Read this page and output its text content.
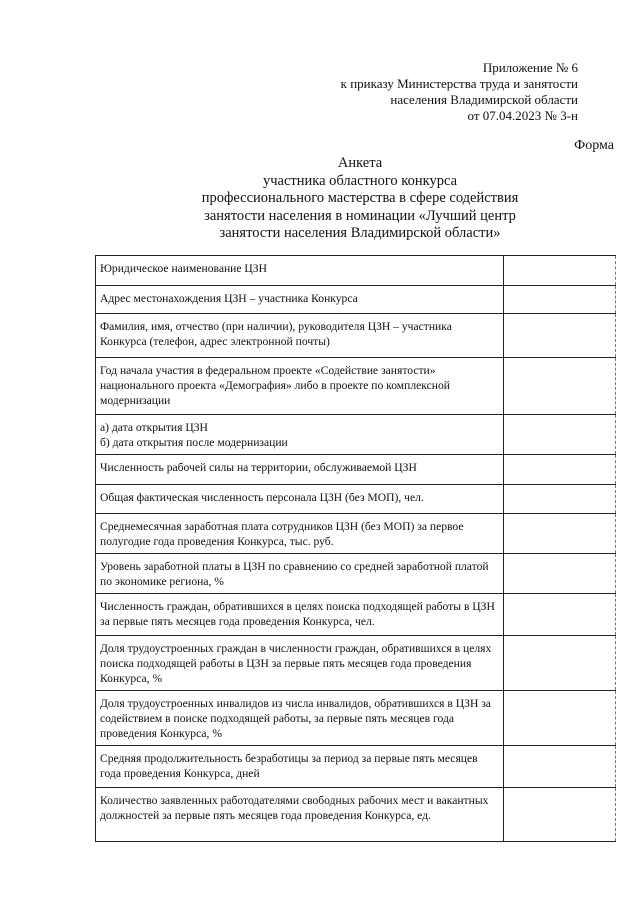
Приложение № 6
к приказу Министерства труда и занятости
населения Владимирской области
от 07.04.2023 № 3-н
Форма
Анкета
участника областного конкурса
профессионального мастерства в сфере содействия
занятости населения в номинации «Лучший центр
занятости населения Владимирской области»
Юридическое наименование ЦЗН	
Адрес местонахождения ЦЗН – участника Конкурса	
Фамилия, имя, отчество (при наличии), руководителя ЦЗН – участника Конкурса (телефон, адрес электронной почты)	
Год начала участия в федеральном проекте «Содействие занятости» национального проекта «Демография» либо в проекте по комплексной модернизации	
а) дата открытия ЦЗН
б) дата открытия после модернизации	
Численность рабочей силы на территории, обслуживаемой ЦЗН	
Общая фактическая численность персонала ЦЗН (без МОП), чел.	
Среднемесячная заработная плата сотрудников ЦЗН (без МОП) за первое полугодие года проведения Конкурса, тыс. руб.	
Уровень заработной платы в ЦЗН по сравнению со средней заработной платой по экономике региона, %	
Численность граждан, обратившихся в целях поиска подходящей работы в ЦЗН за первые пять месяцев года проведения Конкурса, чел.	
Доля трудоустроенных граждан в численности граждан, обратившихся в целях поиска подходящей работы в ЦЗН за первые пять месяцев года проведения Конкурса, %	
Доля трудоустроенных инвалидов из числа инвалидов, обратившихся в ЦЗН за содействием в поиске подходящей работы, за первые пять месяцев года проведения Конкурса, %	
Средняя продолжительность безработицы за период за первые пять месяцев года проведения Конкурса, дней	
Количество заявленных работодателями свободных рабочих мест и вакантных должностей за первые пять месяцев года проведения Конкурса, ед.	
